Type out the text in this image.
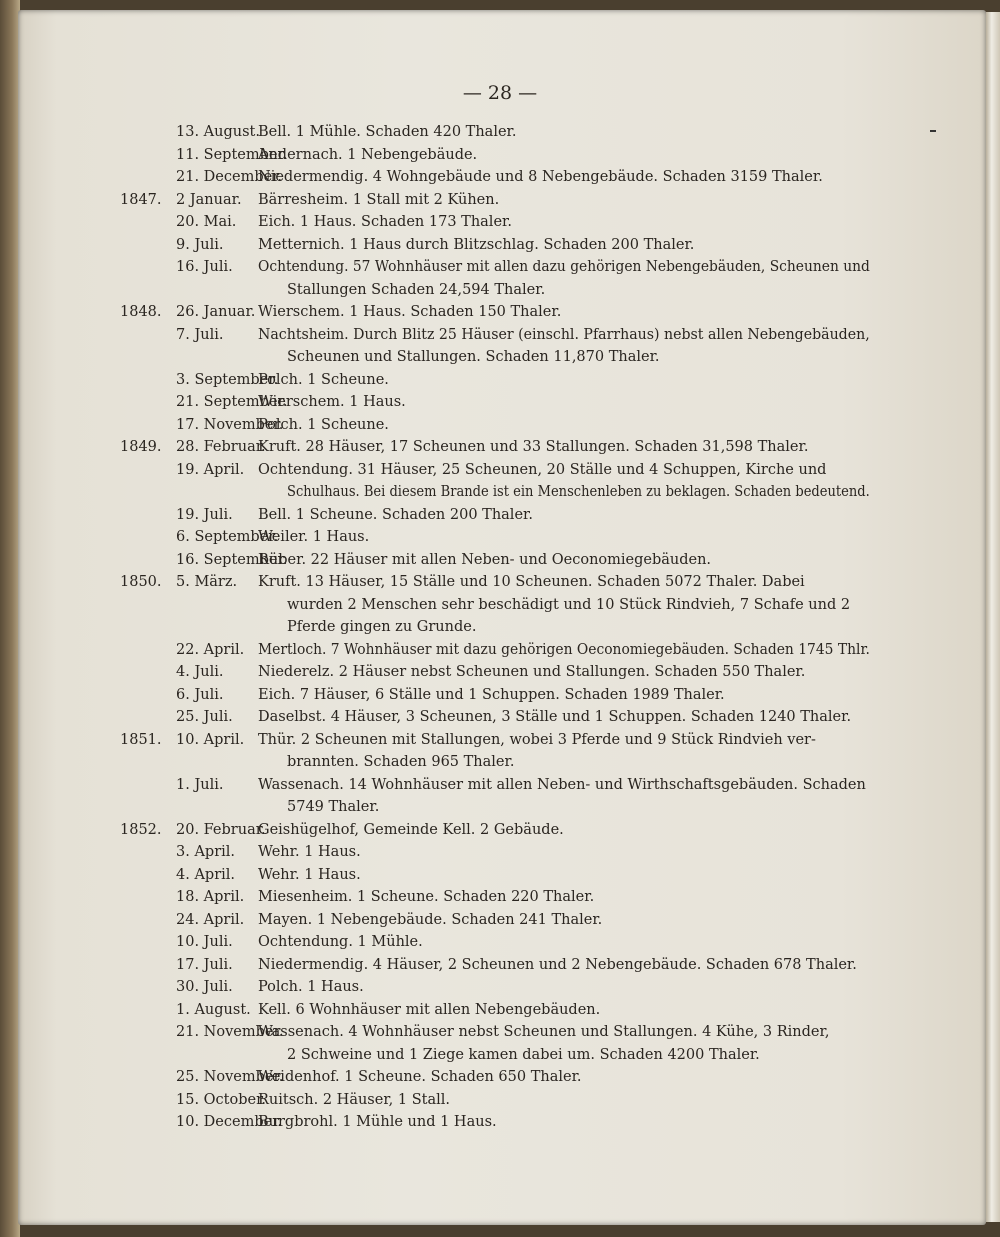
— 28 —
13. August.
Bell. 1 Mühle. Schaden 420 Thaler.
11. September.
Andernach. 1 Nebengebäude.
21. December.
Niedermendig. 4 Wohngebäude und 8 Nebengebäude. Schaden 3159 Thaler.
1847. 2 Januar. Bärresheim. 1 Stall mit 2 Kühen.
20. Mai. Eich. 1 Haus. Schaden 173 Thaler.
9. Juli. Metternich. 1 Haus durch Blitzschlag. Schaden 200 Thaler.
16. Juli. Ochtendung. 57 Wohnhäuser mit allen dazu gehörigen Nebengebäuden, Scheunen und
Stallungen Schaden 24,594 Thaler.
1848. 26. Januar. Wierschem. 1 Haus. Schaden 150 Thaler.
7. Juli. Nachtsheim. Durch Blitz 25 Häuser (einschl. Pfarrhaus) nebst allen Nebengebäuden,
Scheunen und Stallungen. Schaden 11,870 Thaler.
3. September.
Polch. 1 Scheune.
21. September.
Wierschem. 1 Haus.
17. November.
Polch. 1 Scheune.
1849. 28. Februar.
Kruft. 28 Häuser, 17 Scheunen und 33 Stallungen. Schaden 31,598 Thaler.
19. April. Ochtendung. 31 Häuser, 25 Scheunen, 20 Ställe und 4 Schuppen, Kirche und
Schulhaus. Bei diesem Brande ist ein Menschenleben zu beklagen. Schaden bedeutend.
19. Juli. Bell. 1 Scheune. Schaden 200 Thaler.
6. September.
Weiler. 1 Haus.
16. September.
Rüber. 22 Häuser mit allen Neben- und Oeconomiegebäuden.
1850. 5. März. Kruft. 13 Häuser, 15 Ställe und 10 Scheunen. Schaden 5072 Thaler. Dabei
wurden 2 Menschen sehr beschädigt und 10 Stück Rindvieh, 7 Schafe und 2
Pferde gingen zu Grunde.
22. April. Mertloch. 7 Wohnhäuser mit dazu gehörigen Oeconomiegebäuden. Schaden 1745 Thlr.
4. Juli. Niederelz. 2 Häuser nebst Scheunen und Stallungen. Schaden 550 Thaler.
6. Juli. Eich. 7 Häuser, 6 Ställe und 1 Schuppen. Schaden 1989 Thaler.
25. Juli. Daselbst. 4 Häuser, 3 Scheunen, 3 Ställe und 1 Schuppen. Schaden 1240 Thaler.
1851. 10. April. Thür. 2 Scheunen mit Stallungen, wobei 3 Pferde und 9 Stück Rindvieh ver-
brannten. Schaden 965 Thaler.
1. Juli. Wassenach. 14 Wohnhäuser mit allen Neben- und Wirthschaftsgebäuden. Schaden
5749 Thaler.
1852. 20. Februar.
Geishügelhof, Gemeinde Kell. 2 Gebäude.
3. April. Wehr. 1 Haus.
4. April. Wehr. 1 Haus.
18. April. Miesenheim. 1 Scheune. Schaden 220 Thaler.
24. April. Mayen. 1 Nebengebäude. Schaden 241 Thaler.
10. Juli. Ochtendung. 1 Mühle.
17. Juli. Niedermendig. 4 Häuser, 2 Scheunen und 2 Nebengebäude. Schaden 678 Thaler.
30. Juli. Polch. 1 Haus.
1. August. Kell. 6 Wohnhäuser mit allen Nebengebäuden.
21. November.
Wassenach. 4 Wohnhäuser nebst Scheunen und Stallungen. 4 Kühe, 3 Rinder,
2 Schweine und 1 Ziege kamen dabei um. Schaden 4200 Thaler.
25. November.
Weidenhof. 1 Scheune. Schaden 650 Thaler.
15. October.
Ruitsch. 2 Häuser, 1 Stall.
10. December.
Burgbrohl. 1 Mühle und 1 Haus.
